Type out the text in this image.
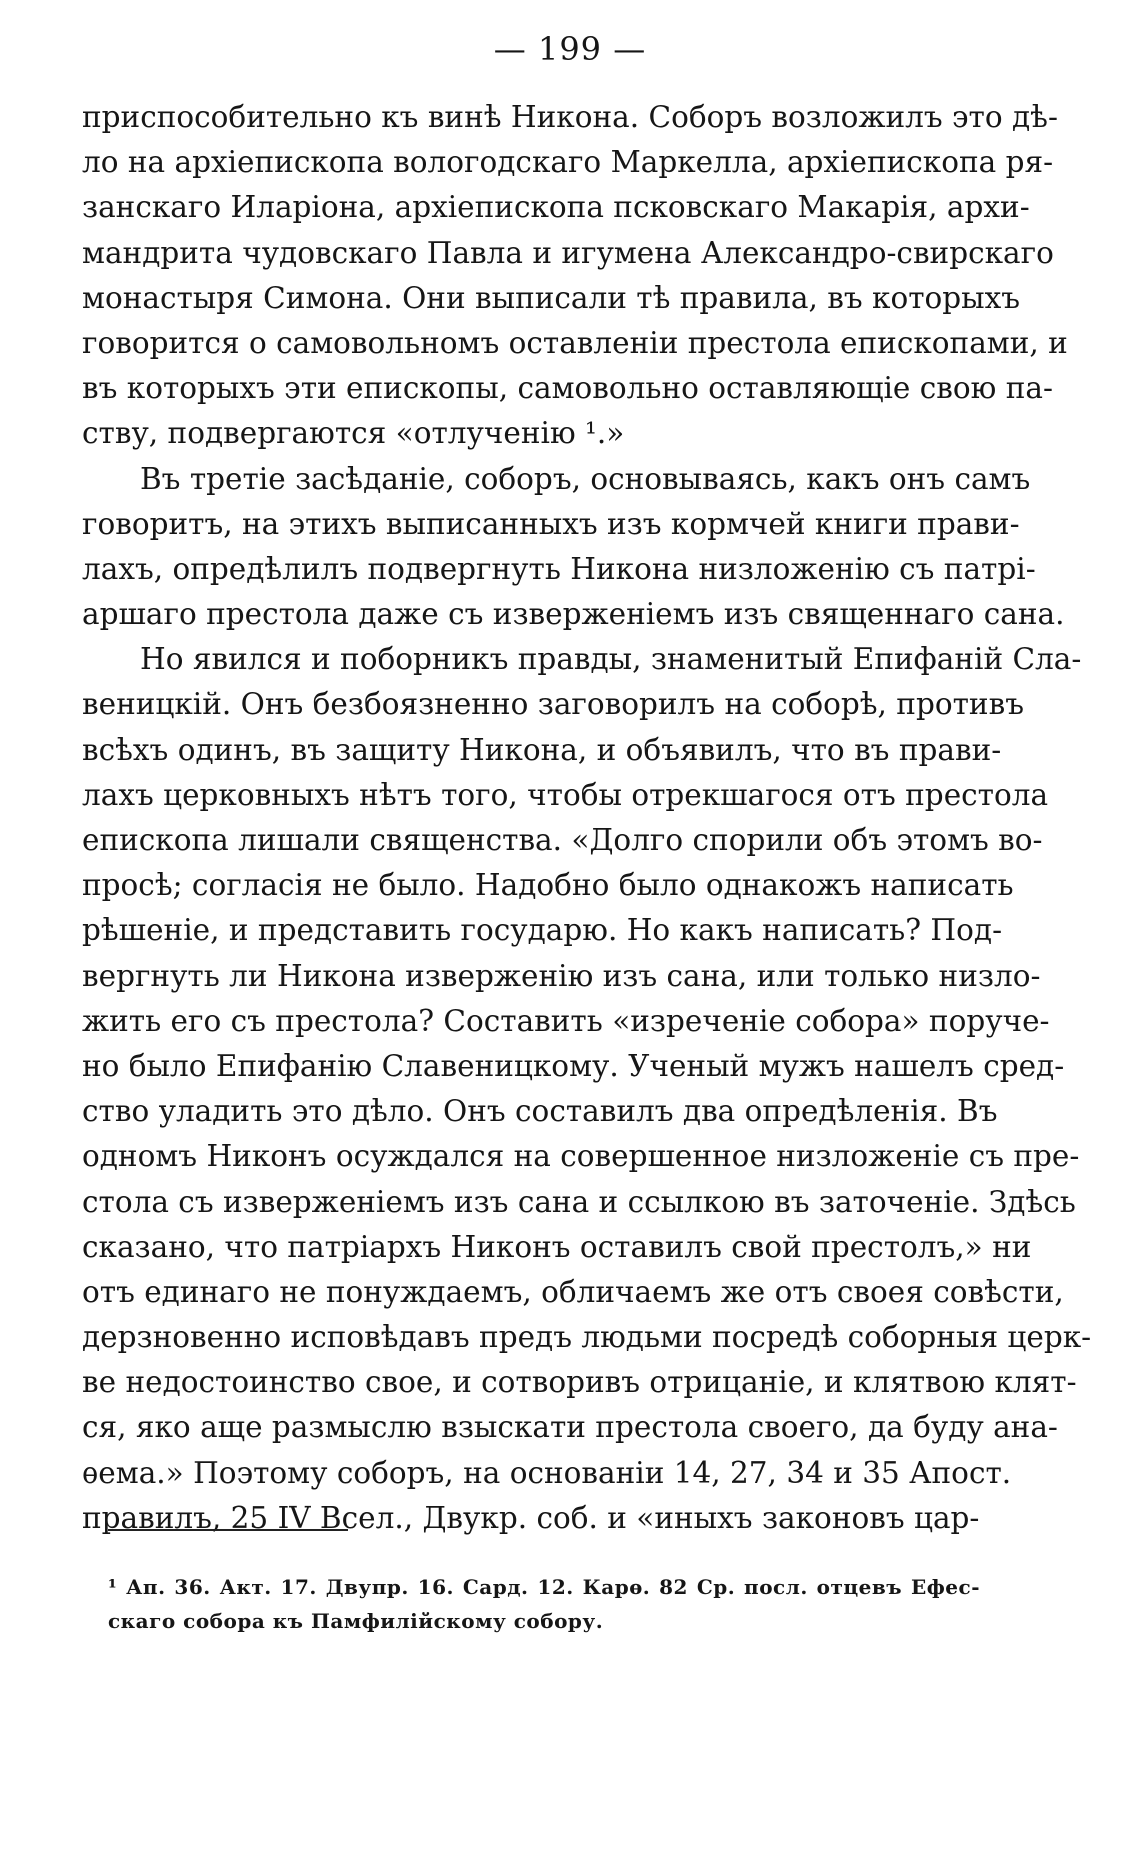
— 199 —
приспособительно къ винѣ Никона. Соборъ возложилъ это дѣ-
ло на архіепископа вологодскаго Маркелла, архіепископа ря-
занскаго Иларіона, архіепископа псковскаго Макарія, архи-
мандрита чудовскаго Павла и игумена Александро-свирскаго
монастыря Симона. Они выписали тѣ правила, въ которыхъ
говорится о самовольномъ оставленіи престола епископами, и
въ которыхъ эти епископы, самовольно оставляющіе свою па-
ству, подвергаются «отлученію ¹.»
Въ третіе засѣданіе, соборъ, основываясь, какъ онъ самъ
говоритъ, на этихъ выписанныхъ изъ кормчей книги прави-
лахъ, опредѣлилъ подвергнуть Никона низложенію съ патрі-
аршаго престола даже съ изверженіемъ изъ священнаго сана.
Но явился и поборникъ правды, знаменитый Епифаній Сла-
веницкій. Онъ безбоязненно заговорилъ на соборѣ, противъ
всѣхъ одинъ, въ защиту Никона, и объявилъ, что въ прави-
лахъ церковныхъ нѣтъ того, чтобы отрекшагося отъ престола
епископа лишали священства. «Долго спорили объ этомъ во-
просѣ; согласія не было. Надобно было однакожъ написать
рѣшеніе, и представить государю. Но какъ написать? Под-
вергнуть ли Никона изверженію изъ сана, или только низло-
жить его съ престола? Составить «изреченіе собора» поруче-
но было Епифанію Славеницкому. Ученый мужъ нашелъ сред-
ство уладить это дѣло. Онъ составилъ два опредѣленія. Въ
одномъ Никонъ осуждался на совершенное низложеніе съ пре-
стола съ изверженіемъ изъ сана и ссылкою въ заточеніе. Здѣсь
сказано, что патріархъ Никонъ оставилъ свой престолъ,» ни
отъ единаго не понуждаемъ, обличаемъ же отъ своея совѣсти,
дерзновенно исповѣдавъ предъ людьми посредѣ соборныя церк-
ве недостоинство свое, и сотворивъ отрицаніе, и клятвою клят-
ся, яко аще размыслю взыскати престола своего, да буду ана-
ѳема.» Поэтому соборъ, на основаніи 14, 27, 34 и 35 Апост.
правилъ, 25 IV Всел., Двукр. соб. и «иныхъ законовъ цар-
¹ Ап. 36. Акт. 17. Двупр. 16. Сард. 12. Карѳ. 82 Ср. посл. отцевъ Ефес-
скаго собора къ Памфилійскому собору.
